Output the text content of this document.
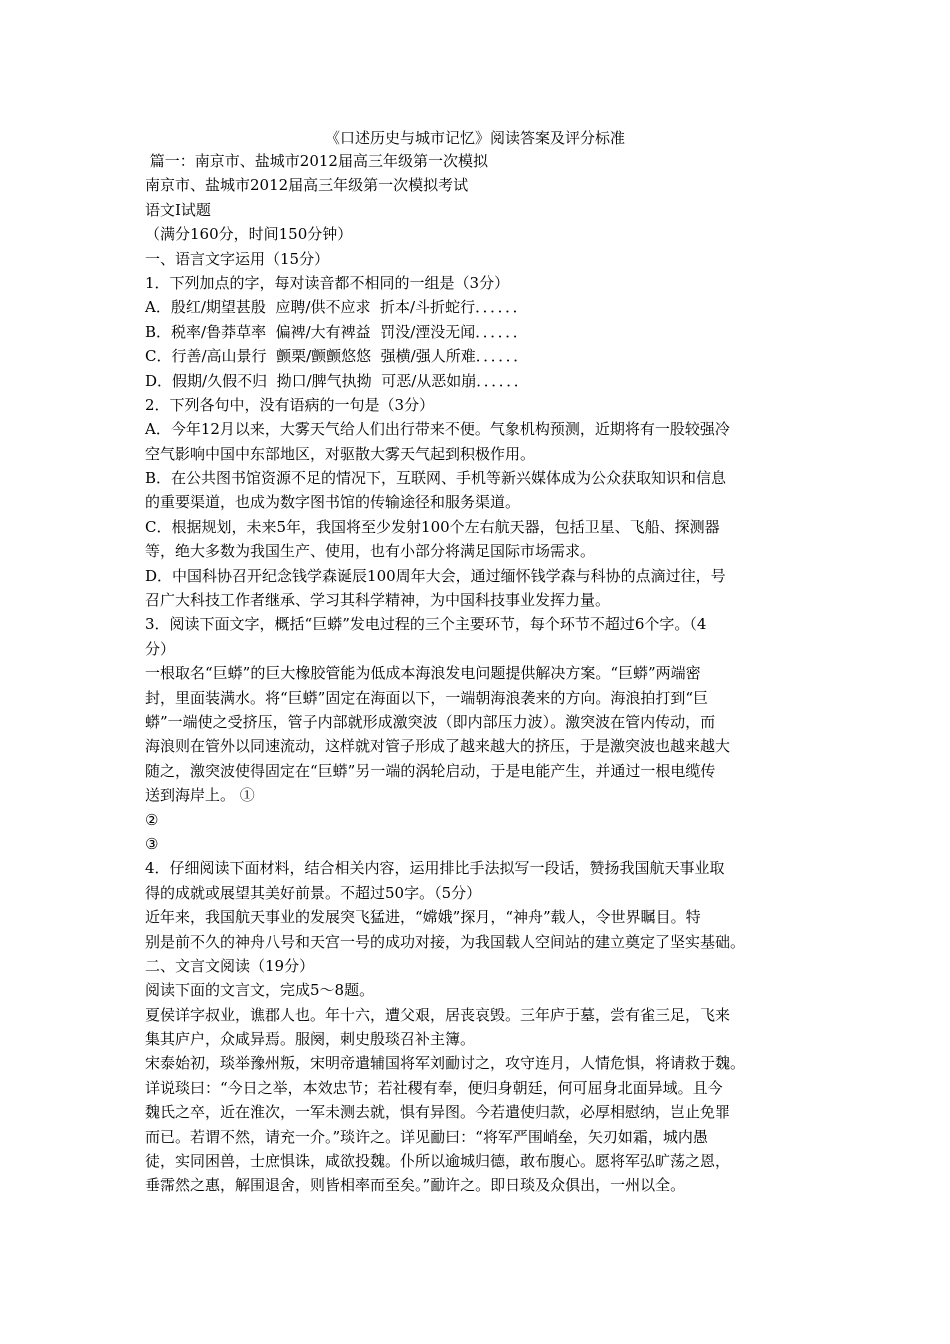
《口述历史与城市记忆》阅读答案及评分标准
篇一：南京市、盐城市2012届高三年级第一次模拟
南京市、盐城市2012届高三年级第一次模拟考试
语文Ⅰ试题
（满分160分，时间150分钟）
一、语言文字运用（15分）
1．下列加点的字，每对读音都不相同的一组是（3分）
A．殷红/期望甚殷  应聘/供不应求  折本/斗折蛇行．．．．．．
B．税率/鲁莽草率  偏裨/大有裨益  罚没/湮没无闻．．．．．．
C．行善/高山景行  颤栗/颤颤悠悠  强横/强人所难．．．．．．
D．假期/久假不归  拗口/脾气执拗  可恶/从恶如崩．．．．．．
2．下列各句中，没有语病的一句是（3分）
A．今年12月以来，大雾天气给人们出行带来不便。气象机构预测，近期将有一股较强冷
空气影响中国中东部地区，对驱散大雾天气起到积极作用。
B．在公共图书馆资源不足的情况下，互联网、手机等新兴媒体成为公众获取知识和信息
的重要渠道，也成为数字图书馆的传输途径和服务渠道。
C．根据规划，未来5年，我国将至少发射100个左右航天器，包括卫星、飞船、探测器
等，绝大多数为我国生产、使用，也有小部分将满足国际市场需求。
D．中国科协召开纪念钱学森诞辰100周年大会，通过缅怀钱学森与科协的点滴过往，号
召广大科技工作者继承、学习其科学精神，为中国科技事业发挥力量。
3．阅读下面文字，概括“巨蟒”发电过程的三个主要环节，每个环节不超过6个字。（4
分）
一根取名“巨蟒”的巨大橡胶管能为低成本海浪发电问题提供解决方案。“巨蟒”两端密
封，里面装满水。将“巨蟒”固定在海面以下，一端朝海浪袭来的方向。海浪拍打到“巨
蟒”一端使之受挤压，管子内部就形成激突波（即内部压力波）。激突波在管内传动，而
海浪则在管外以同速流动，这样就对管子形成了越来越大的挤压，于是激突波也越来越大
随之，激突波使得固定在“巨蟒”另一端的涡轮启动，于是电能产生，并通过一根电缆传
送到海岸上。 ①
②
③
4．仔细阅读下面材料，结合相关内容，运用排比手法拟写一段话，赞扬我国航天事业取
得的成就或展望其美好前景。不超过50字。（5分）
近年来，我国航天事业的发展突飞猛进，“嫦娥”探月，“神舟”载人，令世界瞩目。特
别是前不久的神舟八号和天宫一号的成功对接，为我国载人空间站的建立奠定了坚实基础。
二、文言文阅读（19分）
阅读下面的文言文，完成5～8题。
夏侯详字叔业，谯郡人也。年十六，遭父艰，居丧哀毁。三年庐于墓，尝有雀三足，飞来
集其庐户，众咸异焉。服阕，刺史殷琰召补主簿。
宋泰始初，琰举豫州叛，宋明帝遣辅国将军刘勔讨之，攻守连月，人情危惧，将请救于魏。
详说琰曰：“今日之举，本效忠节；若社稷有奉，便归身朝廷，何可屈身北面异域。且今
魏氏之卒，近在淮次，一军未测去就，惧有异图。今若遣使归款，必厚相慰纳，岂止免罪
而已。若谓不然，请充一介。”琰许之。详见勔曰：“将军严围峭垒，矢刃如霜，城内愚
徒，实同困兽，士庶惧诛，咸欲投魏。仆所以逾城归德，敢布腹心。愿将军弘旷荡之恩，
垂霈然之惠，解围退舍，则皆相率而至矣。”勔许之。即日琰及众俱出，一州以全。
